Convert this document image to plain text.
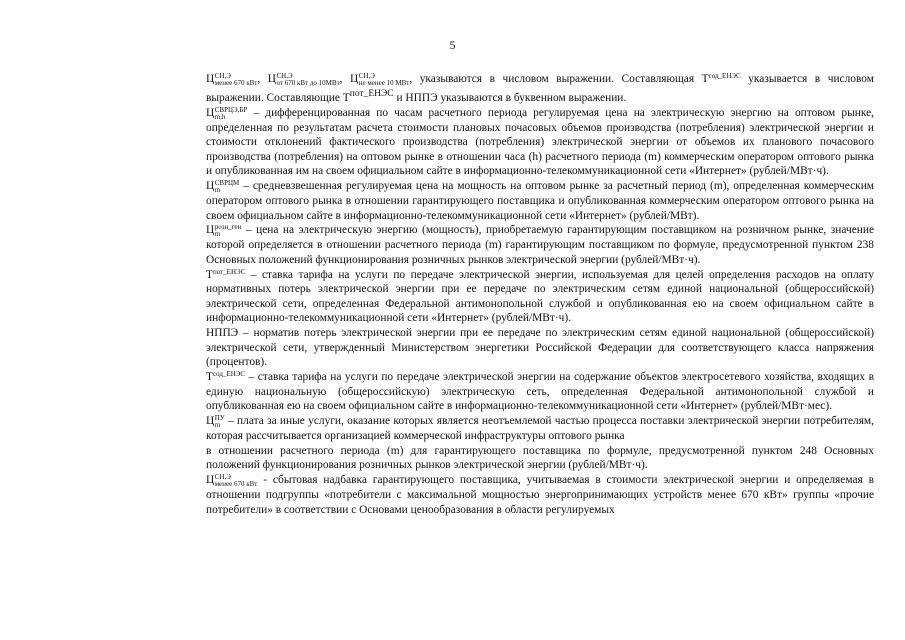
5

Ц СН,Э
менее 670 кВт , Ц СН,Э
от 670 кВт до 10МВт , Ц СН,Э
не менее 10 МВт , указываются в числовом выражении. Составляющая $Т^{сод\_ЕНЭС}$ указывается в числовом выражении. Составляющие $Т^{пот\_ЕНЭС}$ и НППЭ указываются в буквенном выражении.

Ц СВРЦЭ,БР
m,h	– дифференцированная по часам расчетного периода регулируемая цена на электрическую энергию на оптовом рынке, определенная по результатам расчета стоимости плановых почасовых объемов производства (потребления) электрической энергии и стоимости отклонений фактического производства (потребления) электрической энергии от объемов их планового почасового производства (потребления) на оптовом рынке в отношении часа (h) расчетного периода (m) коммерческим оператором оптового рынка и опубликованная им на своем официальном сайте в информационно-телекоммуникационной сети «Интернет» (рублей/МВт·ч).

Ц СВРЦМ
m	– средневзвешенная регулируемая цена на мощность на оптовом рынке за расчетный период (m), определенная коммерческим оператором оптового рынка в отношении гарантирующего поставщика и опубликованная коммерческим оператором оптового рынка на своем официальном сайте в информационно-телекоммуникационной сети «Интернет» (рублей/МВт).

Ц розн_ген
m	– цена на электрическую энергию (мощность), приобретаемую гарантирующим поставщиком на розничном рынке, значение которой определяется в отношении расчетного периода (m) гарантирующим поставщиком по формуле, предусмотренной пунктом 238 Основных положений функционирования розничных рынков электрической энергии (рублей/МВт·ч).

$Т^{пот\_ЕНЭС}$ – ставка тарифа на услуги по передаче электрической энергии, используемая для целей определения расходов на оплату нормативных потерь электрической энергии при ее передаче по электрическим сетям единой национальной (общероссийской) электрической сети, определенная Федеральной антимонопольной службой и опубликованная ею на своем официальном сайте в информационно-телекоммуникационной сети «Интернет» (рублей/МВт·ч).

НППЭ – норматив потерь электрической энергии при ее передаче по электрическим сетям единой национальной (общероссийской) электрической сети, утвержденный Министерством энергетики Российской Федерации для соответствующего класса напряжения (процентов).

$Т^{сод\_ЕНЭС}$ – ставка тарифа на услуги по передаче электрической энергии на содержание объектов электросетевого хозяйства, входящих в единую национальную (общероссийскую) электрическую сеть, определенная Федеральной антимонопольной службой и опубликованная ею на своем официальном сайте в информационно-телекоммуникационной сети «Интернет» (рублей/МВт·мес).

Ц ПУ
m – плата за иные услуги, оказание которых является неотъемлемой частью процесса поставки электрической энергии потребителям, которая рассчитывается организацией коммерческой инфраструктуры оптового рынка

в отношении расчетного периода (m) для гарантирующего поставщика по формуле, предусмотренной пунктом 248 Основных положений функционирования розничных рынков электрической энергии (рублей/МВт·ч).

Ц СН,Э
менее 670 кВт - сбытовая надбавка гарантирующего поставщика, учитываемая в стоимости электрической энергии и определяемая в отношении подгруппы «потребители с максимальной мощностью энергопринимающих устройств менее 670 кВт» группы «прочие потребители» в соответствии с Основами ценообразования в области регулируемых
